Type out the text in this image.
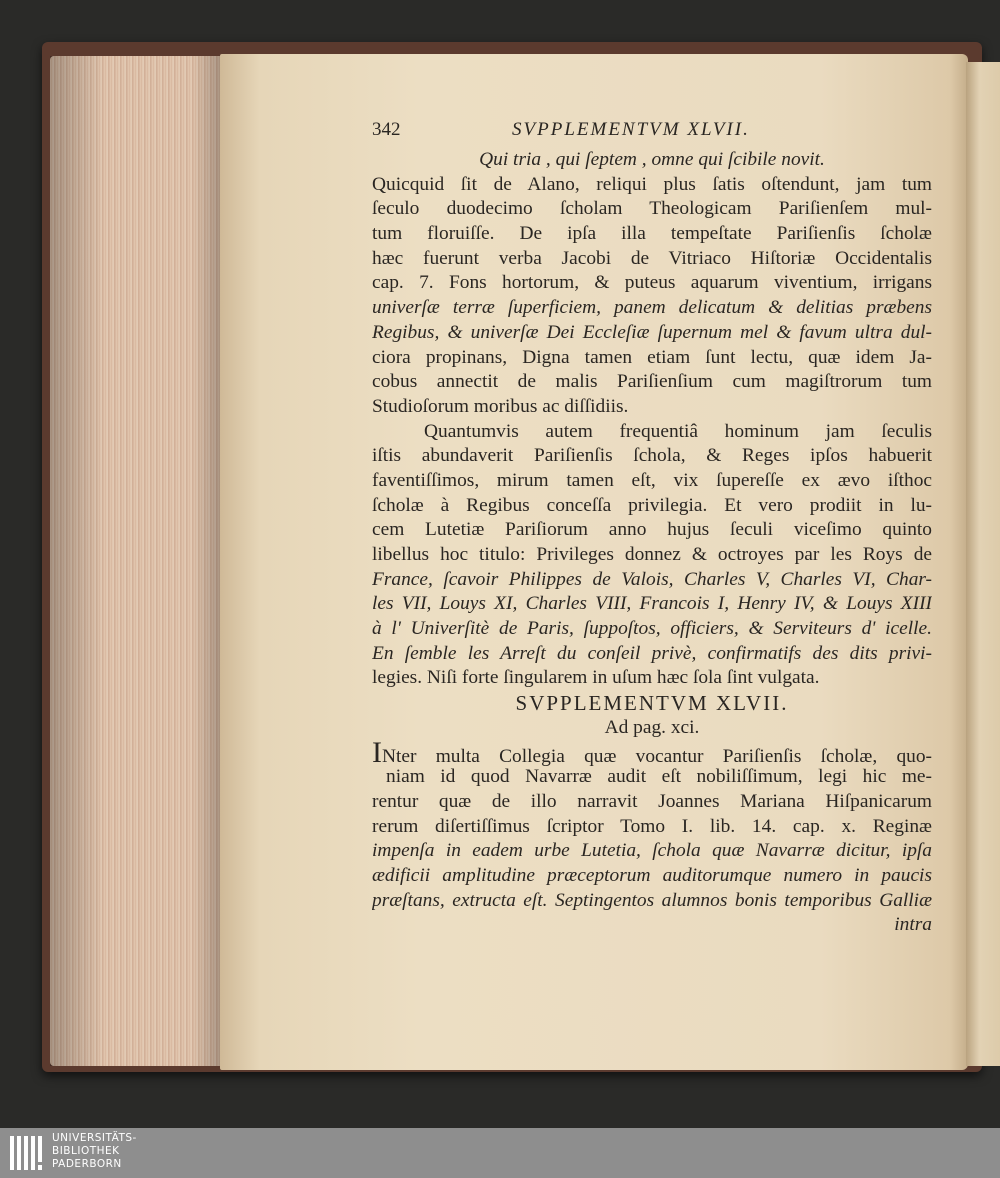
342	SVPPLEMENTVM XLVII.
Qui tria , qui ſeptem , omne qui ſcibile novit.
Quicquid ſit de Alano, reliqui plus ſatis oſtendunt, jam tum
ſeculo duodecimo ſcholam Theologicam Pariſienſem mul-
tum floruiſſe. De ipſa illa tempeſtate Pariſienſis ſcholæ
hæc fuerunt verba Jacobi de Vitriaco Hiſtoriæ Occidentalis
cap. 7. Fons hortorum, & puteus aquarum viventium, irrigans
univerſæ terræ ſuperficiem, panem delicatum & delitias præbens
Regibus, & univerſæ Dei Eccleſiæ ſupernum mel & favum ultra dul-
ciora propinans, Digna tamen etiam ſunt lectu, quæ idem Ja-
cobus annectit de malis Pariſienſium cum magiſtrorum tum
Studioſorum moribus ac diſſidiis.
Quantumvis autem frequentiâ hominum jam ſeculis
iſtis abundaverit Pariſienſis ſchola, & Reges ipſos habuerit
faventiſſimos, mirum tamen eſt, vix ſupereſſe ex ævo iſthoc
ſcholæ à Regibus conceſſa privilegia. Et vero prodiit in lu-
cem Lutetiæ Pariſiorum anno hujus ſeculi viceſimo quinto
libellus hoc titulo: Privileges donnez & octroyes par les Roys de
France, ſcavoir Philippes de Valois, Charles V, Charles VI, Char-
les VII, Louys XI, Charles VIII, Francois I, Henry IV, & Louys XIII
à l' Univerſitè de Paris, ſuppoſtos, officiers, & Serviteurs d' icelle.
En ſemble les Arreſt du conſeil privè, confirmatifs des dits privi-
legies. Niſi forte ſingularem in uſum hæc ſola ſint vulgata.
SVPPLEMENTVM XLVII.
Ad pag. xci.
INter multa Collegia quæ vocantur Pariſienſis ſcholæ, quo-
niam id quod Navarræ audit eſt nobiliſſimum, legi hic me-
rentur quæ de illo narravit Joannes Mariana Hiſpanicarum
rerum diſertiſſimus ſcriptor Tomo I. lib. 14. cap. x. Reginæ
impenſa in eadem urbe Lutetia, ſchola quæ Navarræ dicitur, ipſa
ædificii amplitudine præceptorum auditorumque numero in paucis
præſtans, extructa eſt. Septingentos alumnos bonis temporibus Galliæ
intra
UNIVERSITÄTS-
BIBLIOTHEK
PADERBORN
